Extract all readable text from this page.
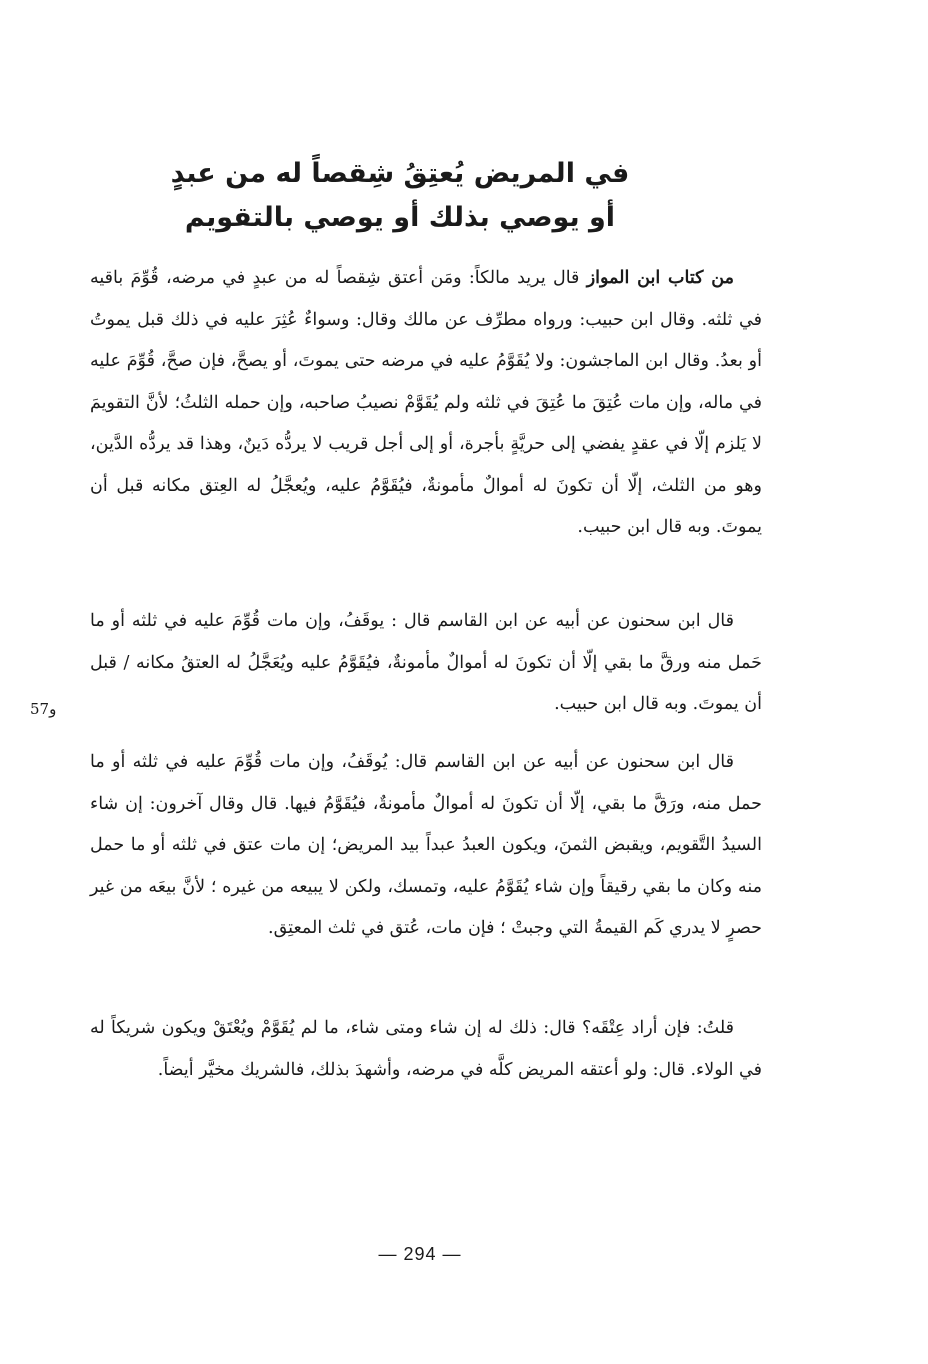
في المريض يُعتِقُ شِقصاً له من عبدٍ
أو يوصي بذلك أو يوصي بالتقويم

من كتاب ابن المواز قال يريد مالكاً: ومَن أعتق شِقصاً له من عبدٍ في مرضه، قُوِّمَ باقيه في ثلثه. وقال ابن حبيب: ورواه مطرِّف عن مالك وقال: وسواءٌ عُثِرَ عليه في ذلك قبل يموتُ أو بعدُ. وقال ابن الماجشون: ولا يُقَوَّمُ عليه في مرضه حتى يموتَ، أو يصحَّ، فإن صحَّ، قُوِّمَ عليه في ماله، وإن مات عُتِقَ ما عُتِقَ في ثلثه ولم يُقَوَّمْ نصيبُ صاحبه، وإن حمله الثلثُ؛ لأنَّ التقويمَ لا يَلزم إلّا في عقدٍ يفضي إلى حريَّةٍ بأجرة، أو إلى أجل قريب لا يردُّه دَينٌ، وهذا قد يردُّه الدَّين، وهو من الثلث، إلّا أن تكونَ له أموالٌ مأمونةٌ، فيُقَوَّمُ عليه، ويُعجَّلُ له العِتق مكانه قبل أن يموتَ. وبه قال ابن حبيب.

قال ابن سحنون عن أبيه عن ابن القاسم قال : يوقَفُ، وإن مات قُوِّمَ عليه في ثلثه أو ما حَمل منه ورقَّ ما بقي إلّا أن تكونَ له أموالٌ مأمونةٌ، فيُقَوَّمُ عليه ويُعَجَّلُ له العتقُ مكانه / قبل أن يموتَ. وبه قال ابن حبيب.

و57

قال ابن سحنون عن أبيه عن ابن القاسم قال: يُوقَفُ، وإن مات قُوِّمَ عليه في ثلثه أو ما حمل منه، ورَقَّ ما بقي، إلّا أن تكونَ له أموالٌ مأمونةٌ، فيُقَوَّمُ فيها. قال وقال آخرون: إن شاء السيدُ التَّقويم، ويقبض الثمنَ، ويكون العبدُ عبداً بيد المريض؛ إن مات عتق في ثلثه أو ما حمل منه وكان ما بقي رقيقاً وإن شاء يُقَوَّمُ عليه، وتمسك، ولكن لا يبيعه من غيره ؛ لأنَّ بيعَه من غير حصرٍ لا يدري كَم القيمةُ التي وجبتْ ؛ فإن مات، عُتق في ثلث المعتِق.

قلتُ: فإن أراد عِتْقَه؟ قال: ذلك له إن شاء ومتى شاء، ما لم يُقَوَّمْ ويُعْتَقْ ويكون شريكاً له في الولاء. قال: ولو أعتقه المريض كلَّه في مرضه، وأشهدَ بذلك، فالشريك مخيَّر أيضاً.

— 294 —
